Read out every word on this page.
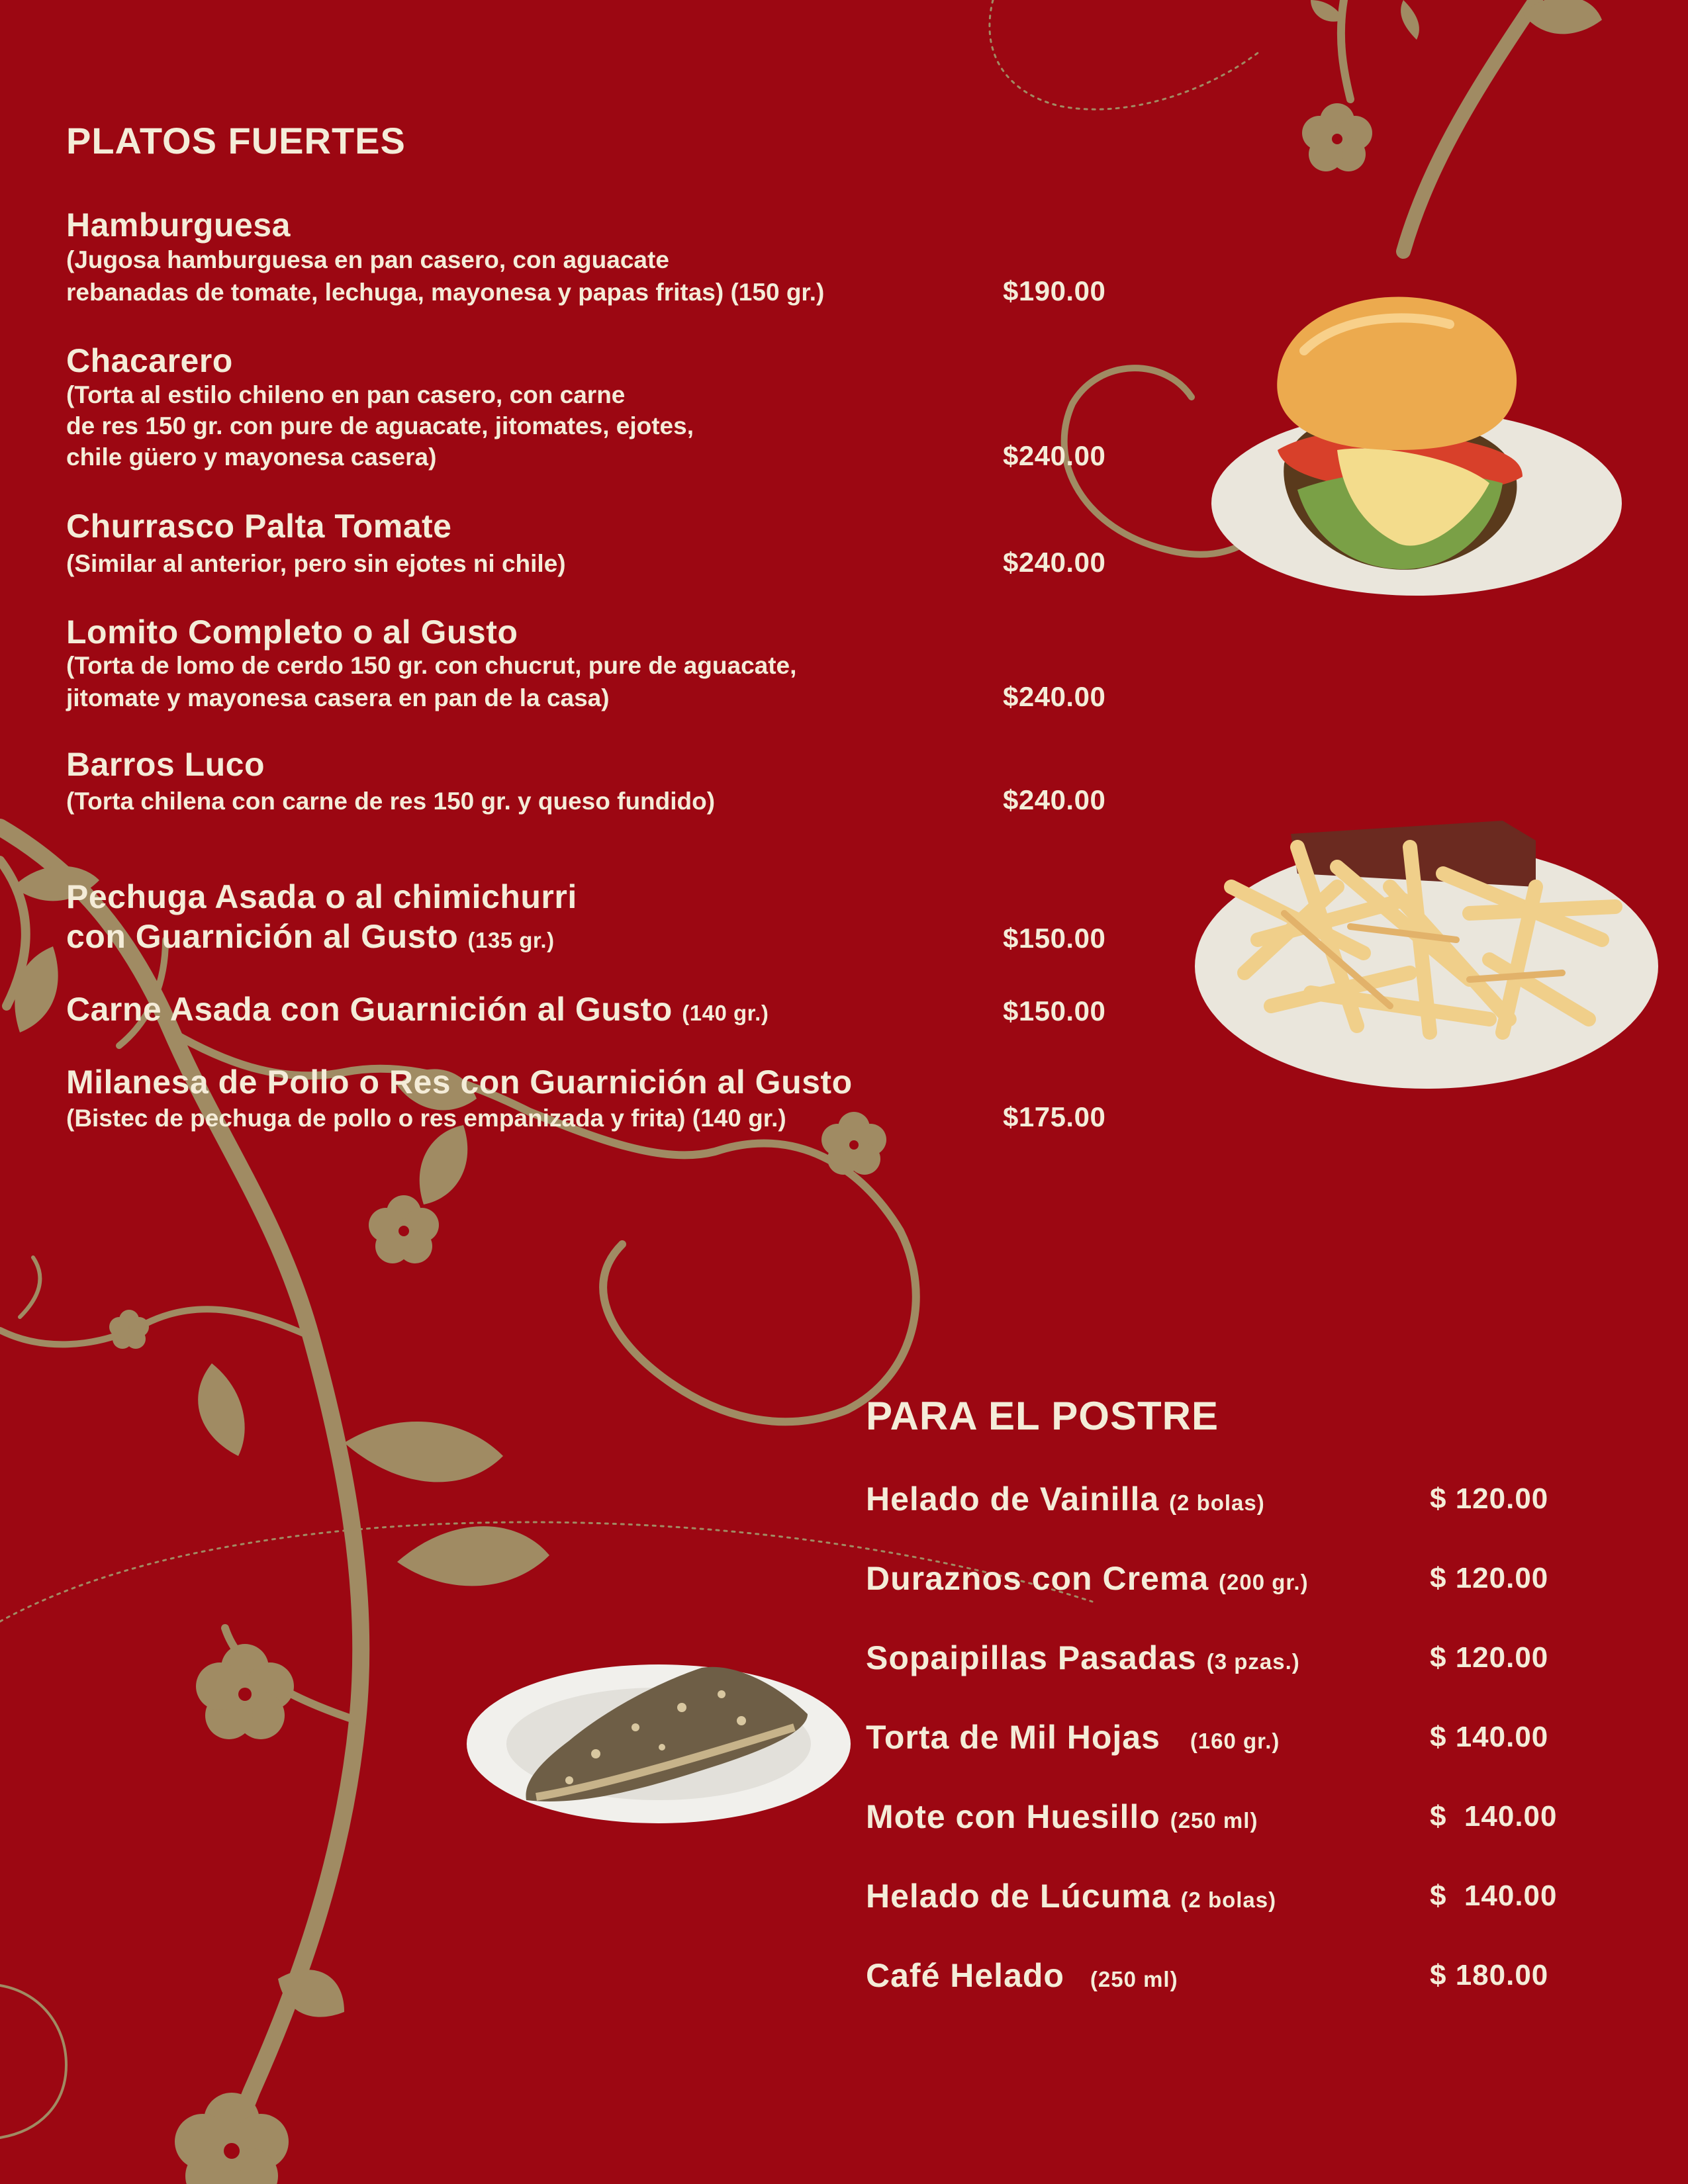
PLATOS FUERTES
Hamburguesa
(Jugosa hamburguesa en pan casero, con aguacate
rebanadas de tomate, lechuga, mayonesa y papas fritas) (150 gr.)	$190.00
Chacarero
(Torta al estilo chileno en pan casero, con carne
de res 150 gr. con pure de aguacate, jitomates, ejotes,
chile güero y mayonesa casera)	$240.00
Churrasco Palta Tomate
(Similar al anterior, pero sin ejotes ni chile)	$240.00
Lomito Completo o al Gusto
(Torta de lomo de cerdo 150 gr. con chucrut, pure de aguacate,
jitomate y mayonesa casera en pan de la casa)	$240.00
Barros Luco
(Torta chilena con carne de res 150 gr. y queso fundido)	$240.00
Pechuga Asada o al chimichurri
con Guarnición al Gusto (135 gr.)	$150.00
Carne Asada con Guarnición al Gusto (140 gr.)	$150.00
Milanesa de Pollo o Res con Guarnición al Gusto
(Bistec de pechuga de pollo o res empanizada y frita) (140 gr.)	$175.00
PARA EL POSTRE
Helado de Vainilla (2 bolas)	$ 120.00
Duraznos con Crema (200 gr.)	$ 120.00
Sopaipillas Pasadas (3 pzas.)	$ 120.00
Torta de Mil Hojas (160 gr.)	$ 140.00
Mote con Huesillo (250 ml)	$  140.00
Helado de Lúcuma (2 bolas)	$  140.00
Café Helado (250 ml)	$ 180.00
